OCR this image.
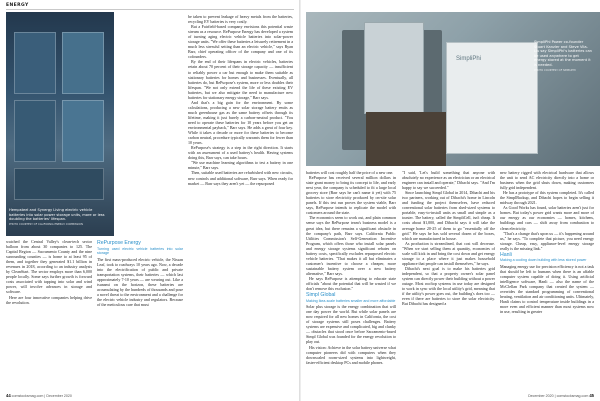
ENERGY
Hempsteel and Synergy Living electric vehicle batteries into solar power storage units, more or less doubling the batteries' lifespan.
PHOTO COURTESY OF CALIFORNIA ENERGY COMMISSION

watched the Central Valley's clean-tech sector balloon from about 30 companies to 125. The Capital Region — Sacramento County and the nine surrounding counties — is home to at least 95 of them, and together they generated $1.1 billion in revenues in 2018, according to an industry analysis by CleanStart. The sector employs more than 6,000 people locally. Some says further growth is forward costs associated with tapping into solar and wind power, will involve advances in storage and software.

Here are four innovative companies helping drive the revolution.

RePurpose Energy
Turning used electric vehicle batteries into solar storage

The first mass-produced electric vehicle, the Nissan Leaf, took to roadways 10 years ago. Now, a decade into the electrification of public and private transportation systems, their batteries — which last approximately 7-10 years — are wearing out. Like a tsunami on the horizon, these batteries are accumulating by the hundreds of thousands and pose a novel threat to the environment and a challenge for the electric vehicle industry and regulators. Because of the meticulous care that must

be taken to prevent leakage of heavy metals from the batteries, recycling EV batteries is very costly.

But a Fairfield-based company envisions this potential waste stream as a resource. RePurpose Energy has developed a system of turning aging electric vehicle batteries into solar-power storage units. "We offer these batteries a leisurely retirement in a much less stressful setting than an electric vehicle," says Ryan Barr, chief operating officer of the company and one of its cofounders.

By the end of their lifespans in electric vehicles, batteries retain about 70 percent of their storage capacity — insufficient to reliably power a car but enough to make them suitable as stationary batteries for homes and businesses. Eventually, all batteries do, but RePurpose's system, more or less doubles their lifespan. "We not only extend the life of these existing EV batteries, but we also mitigate the need to manufacture new batteries for stationary energy storage," Barr says.

And that's a big gain for the environment. By some calculations, producing a new solar storage battery emits as much greenhouse gas as the same battery offsets through its lifetime, making it just barely a carbon-neutral product. "You need to operate these batteries for 10 years before you get an environmental payback," Barr says. He adds a great of four key. While it takes a decade or more for these batteries to become carbon neutral, procedure typically warrants them for fewer than 10 years.

RePurpose's strategy is a step in the right direction. It starts with an assessment of a used battery's health. Having systems doing this, Barr says, can take hours.

"We use machine learning algorithms to test a battery in one minute," Barr says.

Then, suitable used batteries are refurbished with new circuits, new controls and additional software, Barr says. When ready for market — Barr says they aren't yet — the repurposed

44 comstocksmag.com | December 2020
SimpliPhi
SimpliPhi Power co-founder Stuart Kanzler and Steve Vila-Liu say SimpliPhi's batteries can be used anywhere to get energy stored at the moment it is needed.
PHOTO COURTESY OF SIMPLIPHI

batteries will cost roughly half the price of a new one.

RePurpose has received several million dollars in state grant money to bring its concept to life, and early next year, the company is scheduled to fit a large local grocery store (Barr says he can't name it yet) with 75 batteries to store electricity produced by on-site solar panels. If this test run proves the system viable, Barr says, RePurpose intends to replicate the model with customers around the state.

The economics seem to work out, and plain common sense says the RePurpose team's business model is a great idea, but there remains a significant obstacle in the company's path, Barr says. California Public Utilities Commission's Self-Generation Incentive Program, which offers those who install solar panels and energy storage systems significant rebates on battery costs, specifically excludes repurposed electric vehicle batteries. "That makes it all but eliminates a customer's incentive to choose a cheaper, more sustainable battery system over a new battery alternative," Barr says.

He says RePurpose is attempting to educate state officials "about the potential that will be wasted if we don't remove this exclusion."

Simpl Global
Making Ikea-scale batteries smaller and more affordable

Solar plus storage is the energy combination that will one day power the world. But while solar panels are now required for all new homes in California, the cost of storage systems still poses challenges. Battery systems are expensive and complicated, big and clunky — obstacles that stood once before Sacramento-based Simpl Global was founded for the energy revolution to play out.

His vision: Achieve in the solar battery universe what computer pioneers did with computers when they downscaled room-sized systems into lightweight, faster-efficient desktop PCs and mobile phones.

"I said, 'Let's build something that anyone with absolutely no experience as an electrician or an electrical engineer can install and operate," Dibachi says. "And I'm happy to say we succeeded."

Since launching Simpl Global in 2014, Dibachi and his two partners, working out of Dibachi's home in Lincoln and funding the project themselves, have reduced conventional solar batteries from shed-sized systems to portable, easy-to-install units as small and simple as a toaster. The battery, called the SimpliCell, isn't cheap. It costs about $1,000, and Dibachi says it will take the average home 20-25 of them to go "essentially off the grid." He says he has sold several dozen of the boxes, which are manufactured in house.

As production is streamlined, that cost will decrease. "When we start selling them at quantity, economies of scale will kick in and bring the cost down and get energy storage to a place where it just makes household appliance that people can install themselves," he says.

Dibachi's next goal is to make his batteries grid independent, so that a property owner's solar panel system can directly power their building without a power outage. Most rooftop systems in use today are designed to work in sync with the local utility's grid, meaning that if the utility's power goes out, the building's does too — even if there are batteries to store the solar electricity. But Dibachi has designed a

new battery rigged with electrical hardware that allows the unit to send AC electricity directly into a home or business when the grid shuts down, making customers fully grid independent.

He has a prototype of this system completed. It's called the SimplBackup, and Dibachi hopes to begin selling it midway through 2021.

As Good Works has found, solar batteries aren't just for homes. But today's power grid wants more and more of our energy as our economies — homes, kitchens, buildings and cars — shift away from combustion to clean electricity.

"That's a change that's upon us — it's happening around us," he says. "To complete that picture, you need energy storage. Cheap, easy, appliance-level energy storage really is the missing link."

Hanli
Making a cooling down building with less stored power

Managing energy use for precision efficiency is not a task that should be left to humans when there is an affable computer system capable of doing it. Using artificial intelligence software, Hanli — also the name of the McClellan Park company that created the system — overrides the standard programming of conventional heating, ventilation and air conditioning units. Ultimately, Hanli claims to control temperature inside buildings in a more even and efficient manner than most systems now in use, resulting in greater

December 2020 | comstocksmag.com 45
